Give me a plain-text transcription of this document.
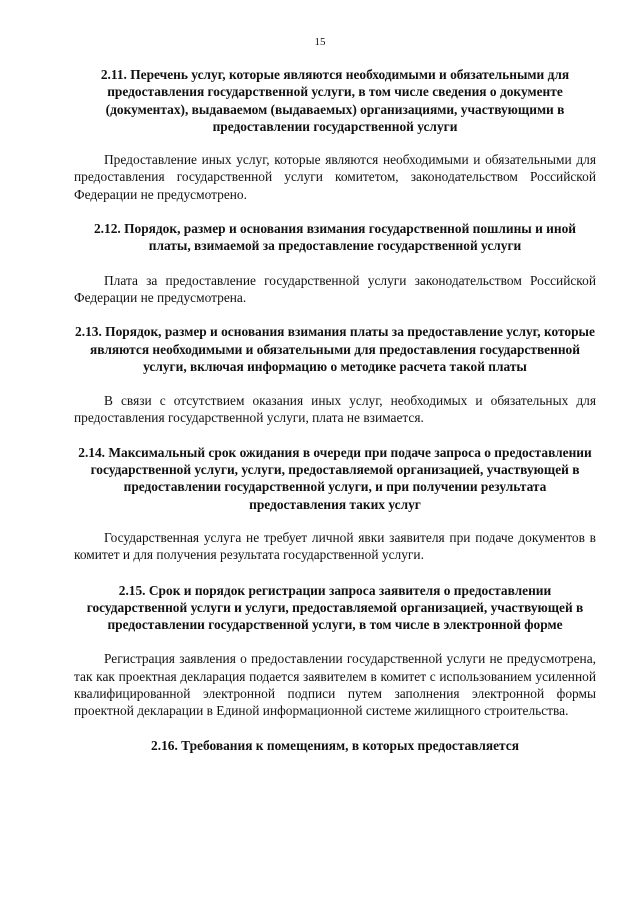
15

2.11. Перечень услуг, которые являются необходимыми и обязательными для предоставления государственной услуги, в том числе сведения о документе (документах), выдаваемом (выдаваемых) организациями, участвующими в предоставлении государственной услуги

Предоставление иных услуг, которые являются необходимыми и обязательными для предоставления государственной услуги комитетом, законодательством Российской Федерации не предусмотрено.

2.12. Порядок, размер и основания взимания государственной пошлины и иной платы, взимаемой за предоставление государственной услуги

Плата за предоставление государственной услуги законодательством Российской Федерации не предусмотрена.

2.13. Порядок, размер и основания взимания платы за предоставление услуг, которые являются необходимыми и обязательными для предоставления государственной услуги, включая информацию о методике расчета такой платы

В связи с отсутствием оказания иных услуг, необходимых и обязательных для предоставления государственной услуги, плата не взимается.

2.14. Максимальный срок ожидания в очереди при подаче запроса о предоставлении государственной услуги, услуги, предоставляемой организацией, участвующей в предоставлении государственной услуги, и при получении результата предоставления таких услуг

Государственная услуга не требует личной явки заявителя при подаче документов в комитет и для получения результата государственной услуги.

2.15. Срок и порядок регистрации запроса заявителя о предоставлении государственной услуги и услуги, предоставляемой организацией, участвующей в предоставлении государственной услуги, в том числе в электронной форме

Регистрация заявления о предоставлении государственной услуги не предусмотрена, так как проектная декларация подается заявителем в комитет с использованием усиленной квалифицированной электронной подписи путем заполнения электронной формы проектной декларации в Единой информационной системе жилищного строительства.

2.16. Требования к помещениям, в которых предоставляется
